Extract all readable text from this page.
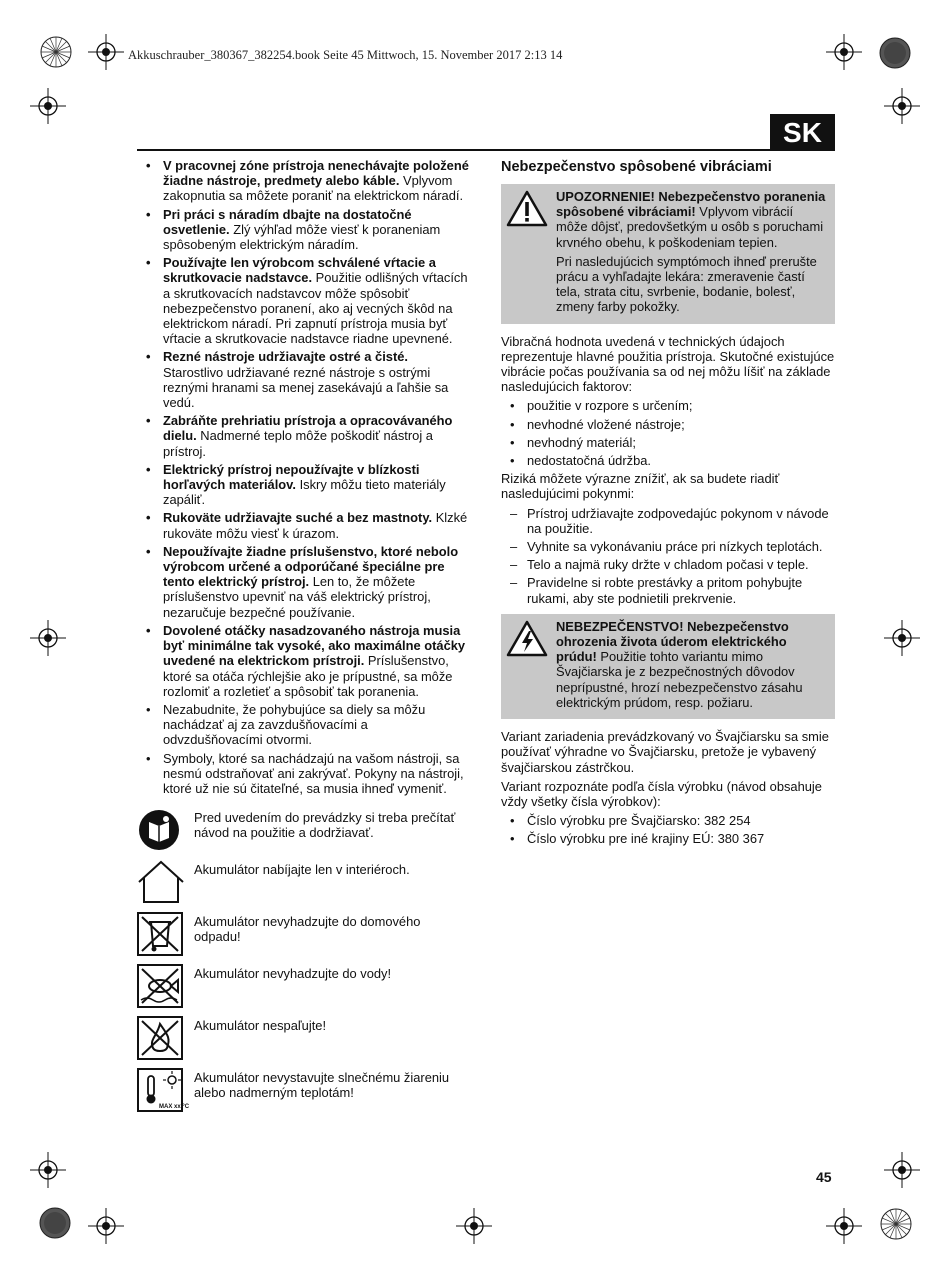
Akkuschrauber_380367_382254.book Seite 45 Mittwoch, 15. November 2017 2:13 14
SK
• V pracovnej zóne prístroja nenechávajte položené žiadne nástroje, predmety alebo káble. Vplyvom zakopnutia sa môžete poraniť na elektrickom náradí.
• Pri práci s náradím dbajte na dostatočné osvetlenie. Zlý výhľad môže viesť k poraneniam spôsobeným elektrickým náradím.
• Používajte len výrobcom schválené vŕtacie a skrutkovacie nadstavce. Použitie odlišných vŕtacích a skrutkovacích nadstavcov môže spôsobiť nebezpečenstvo poranení, ako aj vecných škôd na elektrickom náradí. Pri zapnutí prístroja musia byť vŕtacie a skrutkovacie nadstavce riadne upevnené.
• Rezné nástroje udržiavajte ostré a čisté. Starostlivo udržiavané rezné nástroje s ostrými reznými hranami sa menej zasekávajú a ľahšie sa vedú.
• Zabráňte prehriatiu prístroja a opracovávaného dielu. Nadmerné teplo môže poškodiť nástroj a prístroj.
• Elektrický prístroj nepoužívajte v blízkosti horľavých materiálov. Iskry môžu tieto materiály zapáliť.
• Rukoväte udržiavajte suché a bez mastnoty. Klzké rukoväte môžu viesť k úrazom.
• Nepoužívajte žiadne príslušenstvo, ktoré nebolo výrobcom určené a odporúčané špeciálne pre tento elektrický prístroj. Len to, že môžete príslušenstvo upevniť na váš elektrický prístroj, nezaručuje bezpečné používanie.
• Dovolené otáčky nasadzovaného nástroja musia byť minimálne tak vysoké, ako maximálne otáčky uvedené na elektrickom prístroji. Príslušenstvo, ktoré sa otáča rýchlejšie ako je prípustné, sa môže rozlomiť a rozletieť a spôsobiť tak poranenia.
• Nezabudnite, že pohybujúce sa diely sa môžu nachádzať aj za zavzdušňovacími a odvzdušňovacími otvormi.
• Symboly, ktoré sa nachádzajú na vašom nástroji, sa nesmú odstraňovať ani zakrývať. Pokyny na nástroji, ktoré už nie sú čitateľné, sa musia ihneď vymeniť.
Pred uvedením do prevádzky si treba prečítať návod na použitie a dodržiavať.
Akumulátor nabíjajte len v interiéroch.
Akumulátor nevyhadzujte do domového odpadu!
Akumulátor nevyhadzujte do vody!
Akumulátor nespaľujte!
MAX xx °C
Akumulátor nevystavujte slnečnému žiareniu alebo nadmerným teplotám!
Nebezpečenstvo spôsobené vibráciami

UPOZORNENIE! Nebezpečenstvo poranenia spôsobené vibráciami! Vplyvom vibrácií môže dôjsť, predovšetkým u osôb s poruchami krvného obehu, k poškodeniam tepien.

Pri nasledujúcich symptómoch ihneď prerušte prácu a vyhľadajte lekára: zmeravenie častí tela, strata citu, svrbenie, bodanie, bolesť, zmeny farby pokožky.

Vibračná hodnota uvedená v technických údajoch reprezentuje hlavné použitia prístroja. Skutočné existujúce vibrácie počas používania sa od nej môžu líšiť na základe nasledujúcich faktorov:

• použitie v rozpore s určením;
• nevhodné vložené nástroje;
• nevhodný materiál;
• nedostatočná údržba.

Riziká môžete výrazne znížiť, ak sa budete riadiť nasledujúcimi pokynmi:

– Prístroj udržiavajte zodpovedajúc pokynom v návode na použitie.
– Vyhnite sa vykonávaniu práce pri nízkych teplotách.
– Telo a najmä ruky držte v chladom počasi v teple.
– Pravidelne si robte prestávky a pritom pohybujte rukami, aby ste podnietili prekrvenie.

NEBEZPEČENSTVO! Nebezpečenstvo ohrozenia života úderom elektrického prúdu! Použitie tohto variantu mimo Švajčiarska je z bezpečnostných dôvodov neprípustné, hrozí nebezpečenstvo zásahu elektrickým prúdom, resp. požiaru.

Variant zariadenia prevádzkovaný vo Švajčiarsku sa smie používať výhradne vo Švajčiarsku, pretože je vybavený švajčiarskou zástrčkou.

Variant rozpoznáte podľa čísla výrobku (návod obsahuje vždy všetky čísla výrobkov):

• Číslo výrobku pre Švajčiarsko: 382 254
• Číslo výrobku pre iné krajiny EÚ: 380 367
45
